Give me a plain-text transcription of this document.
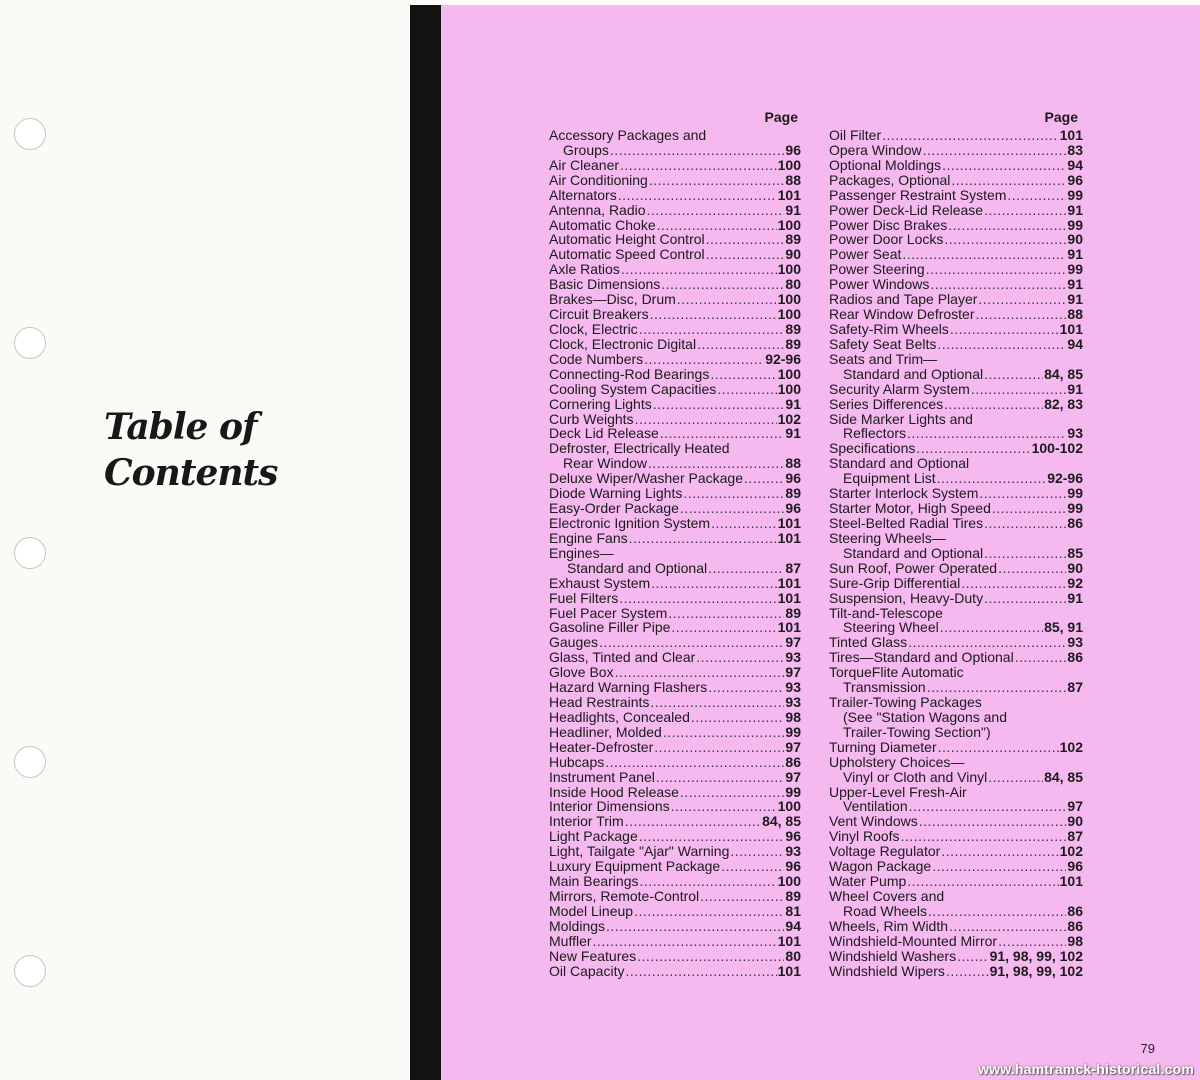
Table of
Contents
Page	Page
Accessory Packages and
Groups .....	96
Air Cleaner .....	100
Air Conditioning .....	88
Alternators .....	101
Antenna, Radio .....	91
Automatic Choke .....	100
Automatic Height Control .....	89
Automatic Speed Control .....	90
Axle Ratios .....	100
Basic Dimensions .....	80
Brakes—Disc, Drum .....	100
Circuit Breakers .....	100
Clock, Electric .....	89
Clock, Electronic Digital .....	89
Code Numbers .....	92-96
Connecting-Rod Bearings .....	100
Cooling System Capacities .....	100
Cornering Lights .....	91
Curb Weights .....	102
Deck Lid Release .....	91
Defroster, Electrically Heated
Rear Window .....	88
Deluxe Wiper/Washer Package .....	96
Diode Warning Lights .....	89
Easy-Order Package .....	96
Electronic Ignition System .....	101
Engine Fans .....	101
Engines—
Standard and Optional .....	87
Exhaust System .....	101
Fuel Filters .....	101
Fuel Pacer System .....	89
Gasoline Filler Pipe .....	101
Gauges .....	97
Glass, Tinted and Clear .....	93
Glove Box .....	97
Hazard Warning Flashers .....	93
Head Restraints .....	93
Headlights, Concealed .....	98
Headliner, Molded .....	99
Heater-Defroster .....	97
Hubcaps .....	86
Instrument Panel .....	97
Inside Hood Release .....	99
Interior Dimensions .....	100
Interior Trim .....	84, 85
Light Package .....	96
Light, Tailgate "Ajar" Warning .....	93
Luxury Equipment Package .....	96
Main Bearings .....	100
Mirrors, Remote-Control .....	89
Model Lineup .....	81
Moldings .....	94
Muffler .....	101
New Features .....	80
Oil Capacity .....	101
Oil Filter .....	101
Opera Window .....	83
Optional Moldings .....	94
Packages, Optional .....	96
Passenger Restraint System .....	99
Power Deck-Lid Release .....	91
Power Disc Brakes .....	99
Power Door Locks .....	90
Power Seat .....	91
Power Steering .....	99
Power Windows .....	91
Radios and Tape Player .....	91
Rear Window Defroster .....	88
Safety-Rim Wheels .....	101
Safety Seat Belts .....	94
Seats and Trim—
Standard and Optional .....	84, 85
Security Alarm System .....	91
Series Differences .....	82, 83
Side Marker Lights and
Reflectors .....	93
Specifications .....	100-102
Standard and Optional
Equipment List .....	92-96
Starter Interlock System .....	99
Starter Motor, High Speed .....	99
Steel-Belted Radial Tires .....	86
Steering Wheels—
Standard and Optional .....	85
Sun Roof, Power Operated .....	90
Sure-Grip Differential .....	92
Suspension, Heavy-Duty .....	91
Tilt-and-Telescope
Steering Wheel .....	85, 91
Tinted Glass .....	93
Tires—Standard and Optional .....	86
TorqueFlite Automatic
Transmission .....	87
Trailer-Towing Packages
(See "Station Wagons and
Trailer-Towing Section")
Turning Diameter .....	102
Upholstery Choices—
Vinyl or Cloth and Vinyl .....	84, 85
Upper-Level Fresh-Air
Ventilation .....	97
Vent Windows .....	90
Vinyl Roofs .....	87
Voltage Regulator .....	102
Wagon Package .....	96
Water Pump .....	101
Wheel Covers and
Road Wheels .....	86
Wheels, Rim Width .....	86
Windshield-Mounted Mirror .....	98
Windshield Washers ..... 91, 98, 99, 102
Windshield Wipers .....	91, 98, 99, 102
79
www.hamtramck-historical.com
